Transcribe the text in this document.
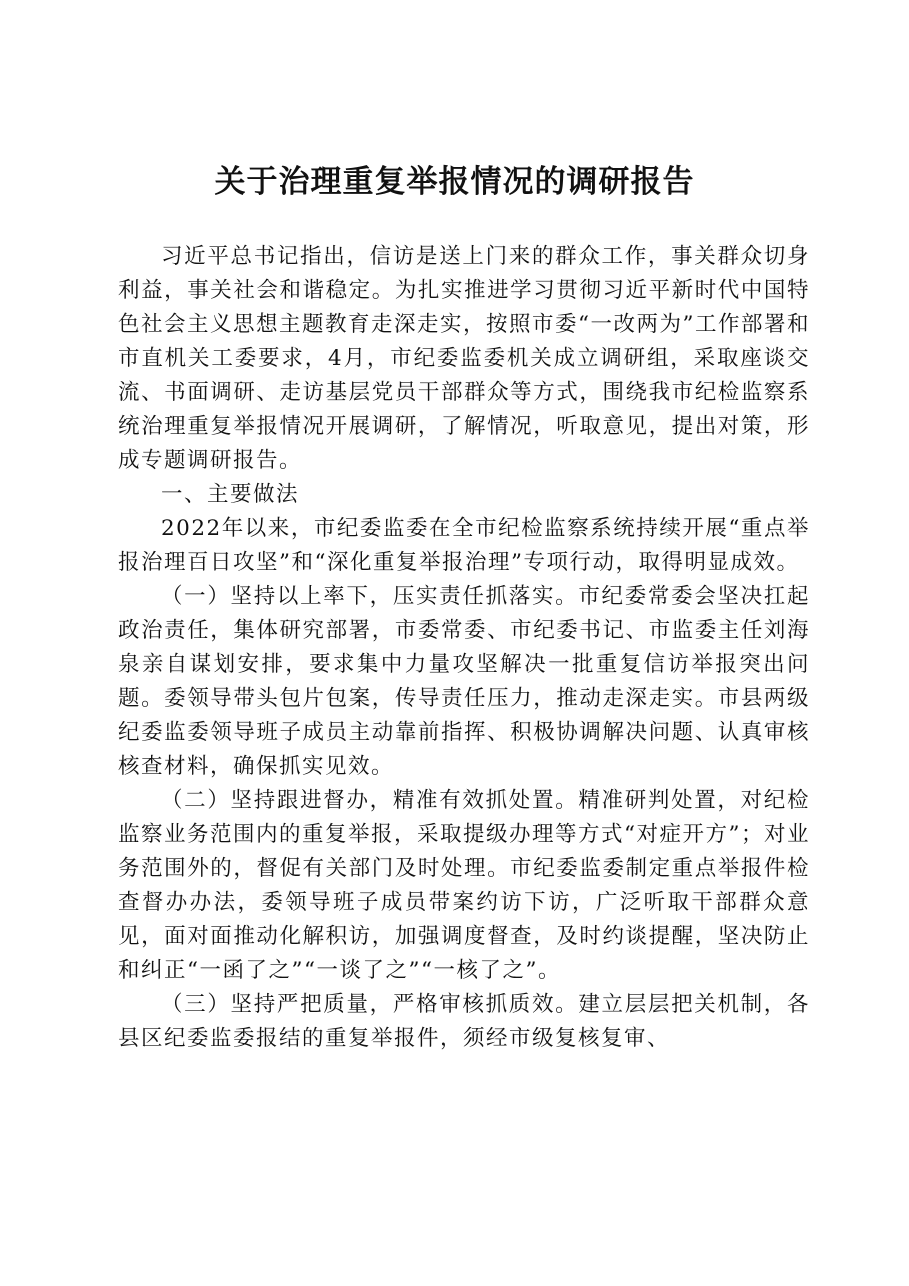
关于治理重复举报情况的调研报告

习近平总书记指出，信访是送上门来的群众工作，事关群众切身利益，事关社会和谐稳定。为扎实推进学习贯彻习近平新时代中国特色社会主义思想主题教育走深走实，按照市委“一改两为”工作部署和市直机关工委要求，4月，市纪委监委机关成立调研组，采取座谈交流、书面调研、走访基层党员干部群众等方式，围绕我市纪检监察系统治理重复举报情况开展调研，了解情况，听取意见，提出对策，形成专题调研报告。

一、主要做法

2022年以来，市纪委监委在全市纪检监察系统持续开展“重点举报治理百日攻坚”和“深化重复举报治理”专项行动，取得明显成效。

（一）坚持以上率下，压实责任抓落实。市纪委常委会坚决扛起政治责任，集体研究部署，市委常委、市纪委书记、市监委主任刘海泉亲自谋划安排，要求集中力量攻坚解决一批重复信访举报突出问题。委领导带头包片包案，传导责任压力，推动走深走实。市县两级纪委监委领导班子成员主动靠前指挥、积极协调解决问题、认真审核核查材料，确保抓实见效。

（二）坚持跟进督办，精准有效抓处置。精准研判处置，对纪检监察业务范围内的重复举报，采取提级办理等方式“对症开方”；对业务范围外的，督促有关部门及时处理。市纪委监委制定重点举报件检查督办办法，委领导班子成员带案约访下访，广泛听取干部群众意见，面对面推动化解积访，加强调度督查，及时约谈提醒，坚决防止和纠正“一函了之”“一谈了之”“一核了之”。

（三）坚持严把质量，严格审核抓质效。建立层层把关机制，各县区纪委监委报结的重复举报件，须经市级复核复审、
